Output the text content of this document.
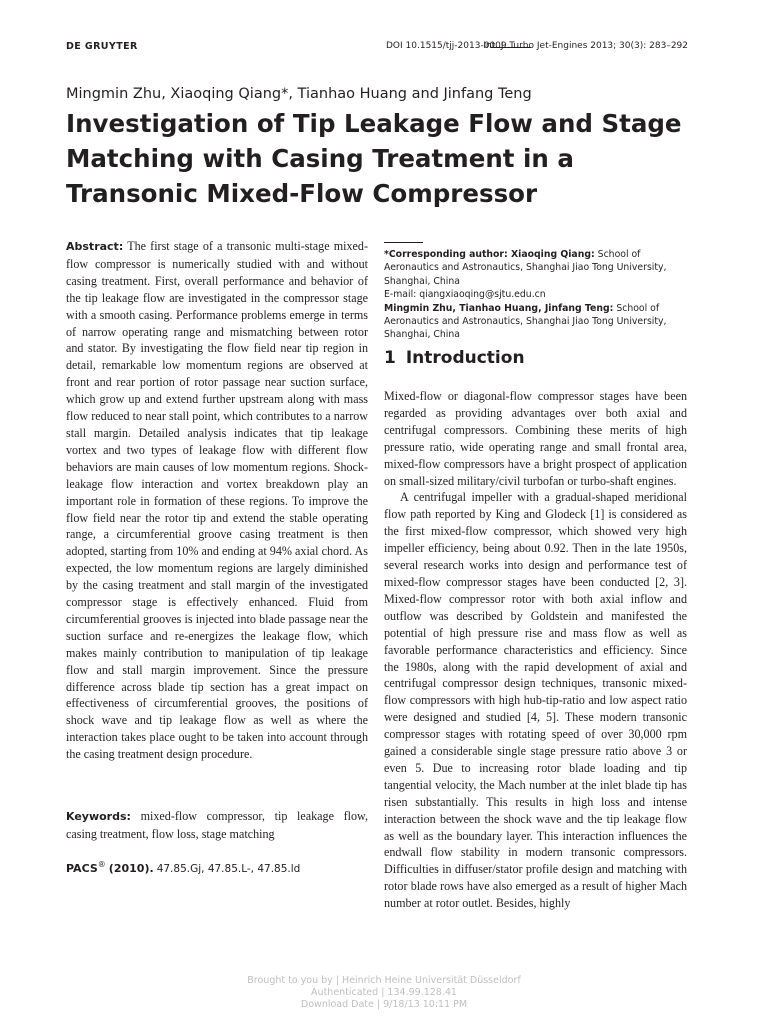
DE GRUYTER	DOI 10.1515/tjj-2013-0009
Int. J. Turbo Jet-Engines 2013; 30(3): 283–292
Mingmin Zhu, Xiaoqing Qiang*, Tianhao Huang and Jinfang Teng
Investigation of Tip Leakage Flow and Stage Matching with Casing Treatment in a Transonic Mixed-Flow Compressor

Abstract: The first stage of a transonic multi-stage mixed-flow compressor is numerically studied with and without casing treatment. First, overall performance and behavior of the tip leakage flow are investigated in the compressor stage with a smooth casing. Performance problems emerge in terms of narrow operating range and mismatching between rotor and stator. By investigating the flow field near tip region in detail, remarkable low momentum regions are observed at front and rear portion of rotor passage near suction surface, which grow up and extend further upstream along with mass flow reduced to near stall point, which contributes to a narrow stall margin. Detailed analysis indicates that tip leakage vortex and two types of leakage flow with different flow behaviors are main causes of low momentum regions. Shock-leakage flow interaction and vortex breakdown play an important role in formation of these regions. To improve the flow field near the rotor tip and extend the stable operating range, a circumferential groove casing treatment is then adopted, starting from 10% and ending at 94% axial chord. As expected, the low momentum regions are largely diminished by the casing treatment and stall margin of the investigated compressor stage is effectively enhanced. Fluid from circumferential grooves is injected into blade passage near the suction surface and re-energizes the leakage flow, which makes mainly contribution to manipulation of tip leakage flow and stall margin improvement. Since the pressure difference across blade tip section has a great impact on effectiveness of circumferential grooves, the positions of shock wave and tip leakage flow as well as where the interaction takes place ought to be taken into account through the casing treatment design procedure.

Keywords: mixed-flow compressor, tip leakage flow, casing treatment, flow loss, stage matching

PACS® (2010). 47.85.Gj, 47.85.L-, 47.85.ld

*Corresponding author: Xiaoqing Qiang: School of Aeronautics and Astronautics, Shanghai Jiao Tong University, Shanghai, China

E-mail: qiangxiaoqing@sjtu.edu.cn

Mingmin Zhu, Tianhao Huang, Jinfang Teng: School of Aeronautics and Astronautics, Shanghai Jiao Tong University, Shanghai, China

1 Introduction

Mixed-flow or diagonal-flow compressor stages have been regarded as providing advantages over both axial and centrifugal compressors. Combining these merits of high pressure ratio, wide operating range and small frontal area, mixed-flow compressors have a bright prospect of application on small-sized military/civil turbofan or turbo-shaft engines.

A centrifugal impeller with a gradual-shaped meridional flow path reported by King and Glodeck [1] is considered as the first mixed-flow compressor, which showed very high impeller efficiency, being about 0.92. Then in the late 1950s, several research works into design and performance test of mixed-flow compressor stages have been conducted [2, 3]. Mixed-flow compressor rotor with both axial inflow and outflow was described by Goldstein and manifested the potential of high pressure rise and mass flow as well as favorable performance characteristics and efficiency. Since the 1980s, along with the rapid development of axial and centrifugal compressor design techniques, transonic mixed-flow compressors with high hub-tip-ratio and low aspect ratio were designed and studied [4, 5]. These modern transonic compressor stages with rotating speed of over 30,000 rpm gained a considerable single stage pressure ratio above 3 or even 5. Due to increasing rotor blade loading and tip tangential velocity, the Mach number at the inlet blade tip has risen substantially. This results in high loss and intense interaction between the shock wave and the tip leakage flow as well as the boundary layer. This interaction influences the endwall flow stability in modern transonic compressors. Difficulties in diffuser/stator profile design and matching with rotor blade rows have also emerged as a result of higher Mach number at rotor outlet. Besides, highly

Brought to you by | Heinrich Heine Universität Düsseldorf
Authenticated | 134.99.128.41
Download Date | 9/18/13 10:11 PM
